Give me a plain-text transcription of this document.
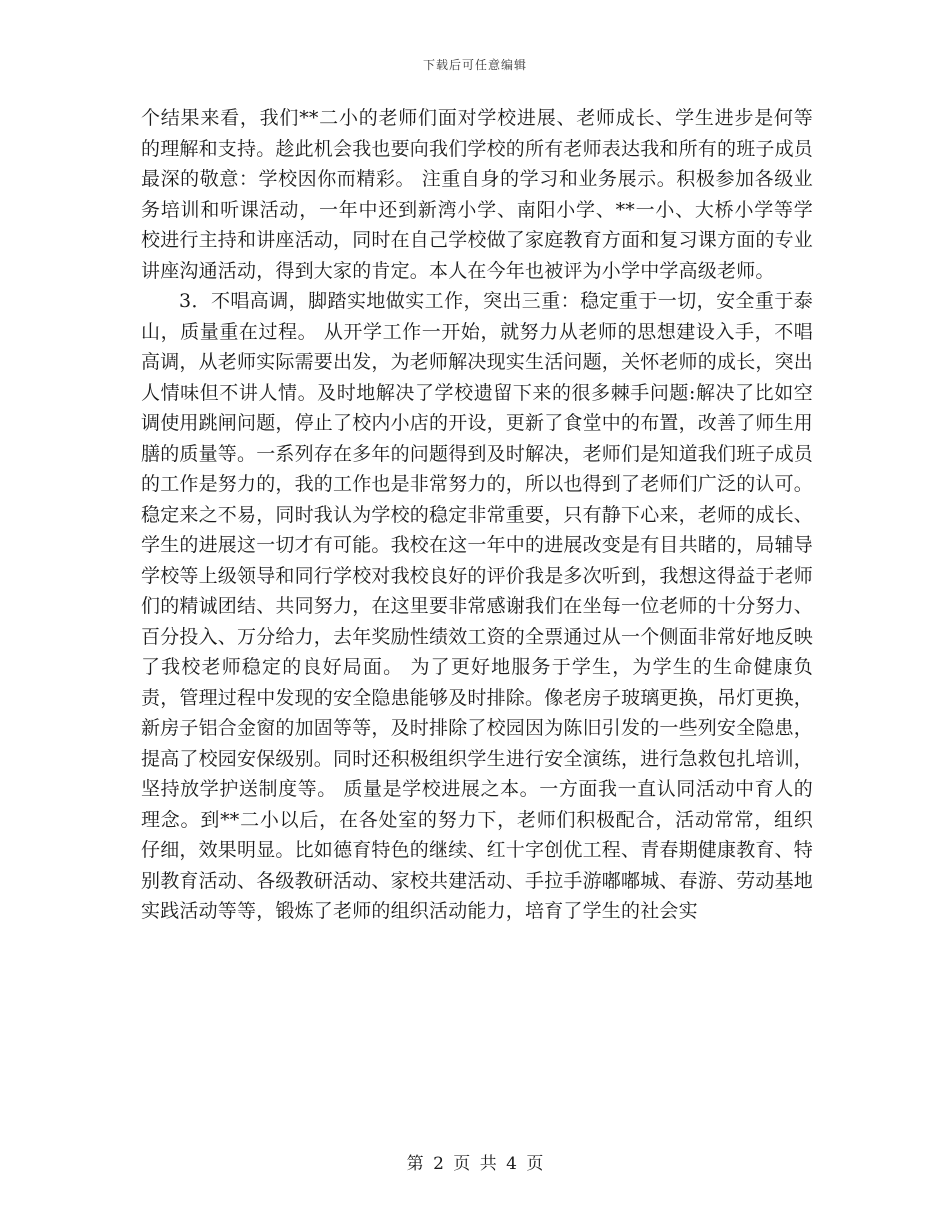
下载后可任意编辑

个结果来看，我们**二小的老师们面对学校进展、老师成长、学生进步是何等的理解和支持。趁此机会我也要向我们学校的所有老师表达我和所有的班子成员最深的敬意：学校因你而精彩。 注重自身的学习和业务展示。积极参加各级业务培训和听课活动，一年中还到新湾小学、南阳小学、**一小、大桥小学等学校进行主持和讲座活动，同时在自己学校做了家庭教育方面和复习课方面的专业讲座沟通活动，得到大家的肯定。本人在今年也被评为小学中学高级老师。

3．不唱高调，脚踏实地做实工作，突出三重：稳定重于一切，安全重于泰山，质量重在过程。 从开学工作一开始，就努力从老师的思想建设入手，不唱高调，从老师实际需要出发，为老师解决现实生活问题，关怀老师的成长，突出人情味但不讲人情。及时地解决了学校遗留下来的很多棘手问题:解决了比如空调使用跳闸问题，停止了校内小店的开设，更新了食堂中的布置，改善了师生用膳的质量等。一系列存在多年的问题得到及时解决，老师们是知道我们班子成员的工作是努力的，我的工作也是非常努力的，所以也得到了老师们广泛的认可。稳定来之不易，同时我认为学校的稳定非常重要，只有静下心来，老师的成长、学生的进展这一切才有可能。我校在这一年中的进展改变是有目共睹的，局辅导学校等上级领导和同行学校对我校良好的评价我是多次听到，我想这得益于老师们的精诚团结、共同努力，在这里要非常感谢我们在坐每一位老师的十分努力、百分投入、万分给力，去年奖励性绩效工资的全票通过从一个侧面非常好地反映了我校老师稳定的良好局面。 为了更好地服务于学生，为学生的生命健康负责，管理过程中发现的安全隐患能够及时排除。像老房子玻璃更换，吊灯更换，新房子铝合金窗的加固等等，及时排除了校园因为陈旧引发的一些列安全隐患，提高了校园安保级别。同时还积极组织学生进行安全演练，进行急救包扎培训，坚持放学护送制度等。 质量是学校进展之本。一方面我一直认同活动中育人的理念。到**二小以后，在各处室的努力下，老师们积极配合，活动常常，组织仔细，效果明显。比如德育特色的继续、红十字创优工程、青春期健康教育、特别教育活动、各级教研活动、家校共建活动、手拉手游嘟嘟城、春游、劳动基地实践活动等等，锻炼了老师的组织活动能力，培育了学生的社会实

第 2 页 共 4 页
